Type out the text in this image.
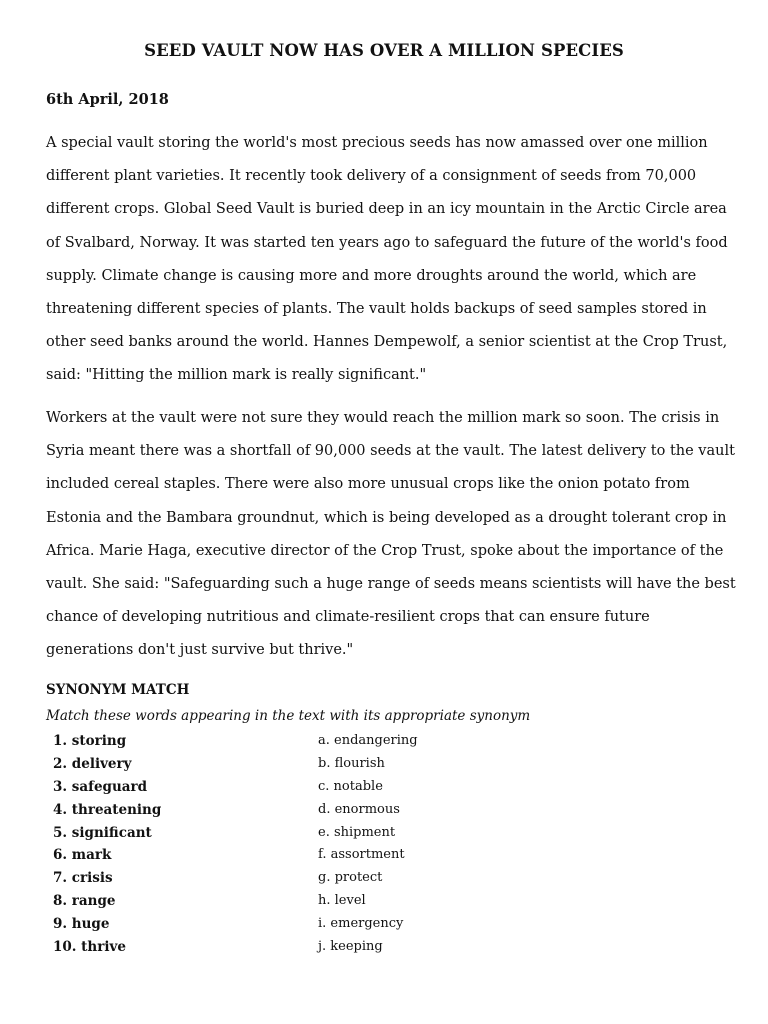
SEED VAULT NOW HAS OVER A MILLION SPECIES
6th April, 2018

A special vault storing the world's most precious seeds has now amassed over one million different plant varieties. It recently took delivery of a consignment of seeds from 70,000 different crops. Global Seed Vault is buried deep in an icy mountain in the Arctic Circle area of Svalbard, Norway. It was started ten years ago to safeguard the future of the world's food supply. Climate change is causing more and more droughts around the world, which are threatening different species of plants. The vault holds backups of seed samples stored in other seed banks around the world. Hannes Dempewolf, a senior scientist at the Crop Trust, said: "Hitting the million mark is really significant."

Workers at the vault were not sure they would reach the million mark so soon. The crisis in Syria meant there was a shortfall of 90,000 seeds at the vault. The latest delivery to the vault included cereal staples. There were also more unusual crops like the onion potato from Estonia and the Bambara groundnut, which is being developed as a drought tolerant crop in Africa. Marie Haga, executive director of the Crop Trust, spoke about the importance of the vault. She said: "Safeguarding such a huge range of seeds means scientists will have the best chance of developing nutritious and climate-resilient crops that can ensure future generations don't just survive but thrive."

SYNONYM MATCH
Match these words appearing in the text with its appropriate synonym
1. storing	a. endangering
2. delivery	b. flourish
3. safeguard	c. notable
4. threatening	d. enormous
5. significant	e. shipment
6. mark	f. assortment
7. crisis	g. protect
8. range	h. level
9. huge	i. emergency
10. thrive	j. keeping
